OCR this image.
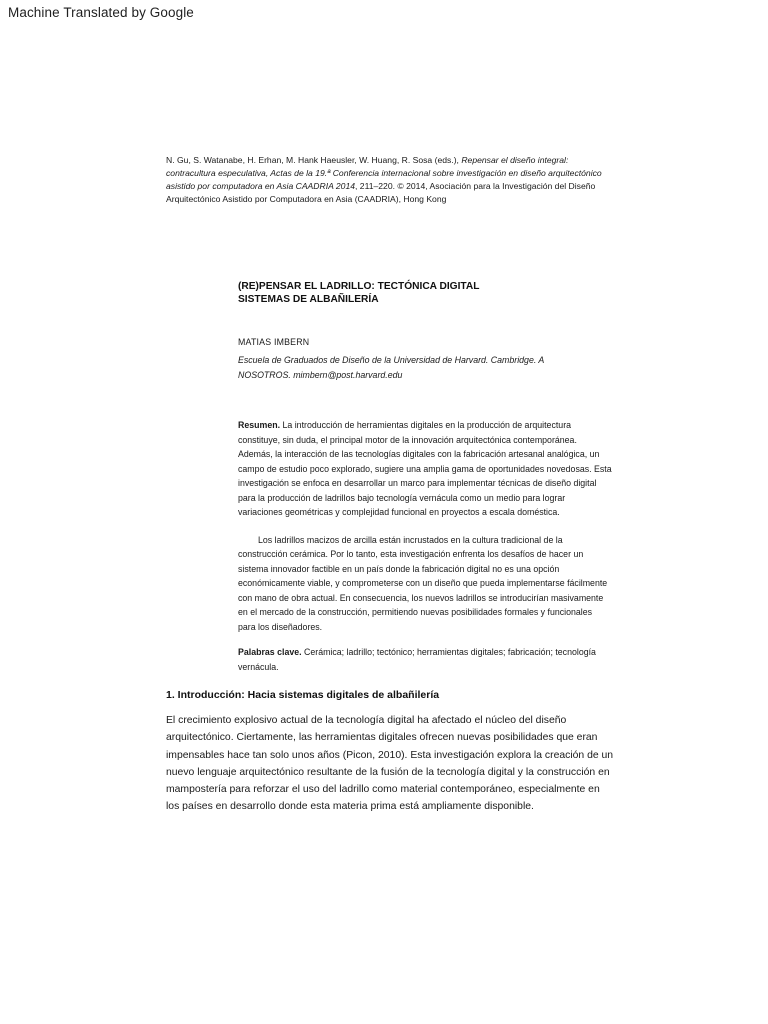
Machine Translated by Google
N. Gu, S. Watanabe, H. Erhan, M. Hank Haeusler, W. Huang, R. Sosa (eds.), Repensar el diseño integral: contracultura especulativa, Actas de la 19.ª Conferencia internacional sobre investigación en diseño arquitectónico asistido por computadora en Asia CAADRIA 2014, 211–220. © 2014, Asociación para la Investigación del Diseño Arquitectónico Asistido por Computadora en Asia (CAADRIA), Hong Kong
(RE)PENSAR EL LADRILLO: TECTÓNICA DIGITAL
SISTEMAS DE ALBAÑILERÍA
MATIAS IMBERN
Escuela de Graduados de Diseño de la Universidad de Harvard. Cambridge. A NOSOTROS. mimbern@post.harvard.edu

Resumen. La introducción de herramientas digitales en la producción de arquitectura constituye, sin duda, el principal motor de la innovación arquitectónica contemporánea. Además, la interacción de las tecnologías digitales con la fabricación artesanal analógica, un campo de estudio poco explorado, sugiere una amplia gama de oportunidades novedosas. Esta investigación se enfoca en desarrollar un marco para implementar técnicas de diseño digital para la producción de ladrillos bajo tecnología vernácula como un medio para lograr variaciones geométricas y complejidad funcional en proyectos a escala doméstica.

Los ladrillos macizos de arcilla están incrustados en la cultura tradicional de la construcción cerámica. Por lo tanto, esta investigación enfrenta los desafíos de hacer un sistema innovador factible en un país donde la fabricación digital no es una opción económicamente viable, y comprometerse con un diseño que pueda implementarse fácilmente con mano de obra actual. En consecuencia, los nuevos ladrillos se introducirían masivamente en el mercado de la construcción, permitiendo nuevas posibilidades formales y funcionales para los diseñadores.

Palabras clave. Cerámica; ladrillo; tectónico; herramientas digitales; fabricación; tecnología vernácula.
1. Introducción: Hacia sistemas digitales de albañilería

El crecimiento explosivo actual de la tecnología digital ha afectado el núcleo del diseño arquitectónico. Ciertamente, las herramientas digitales ofrecen nuevas posibilidades que eran impensables hace tan solo unos años (Picon, 2010). Esta investigación explora la creación de un nuevo lenguaje arquitectónico resultante de la fusión de la tecnología digital y la construcción en mampostería para reforzar el uso del ladrillo como material contemporáneo, especialmente en los países en desarrollo donde esta materia prima está ampliamente disponible.
